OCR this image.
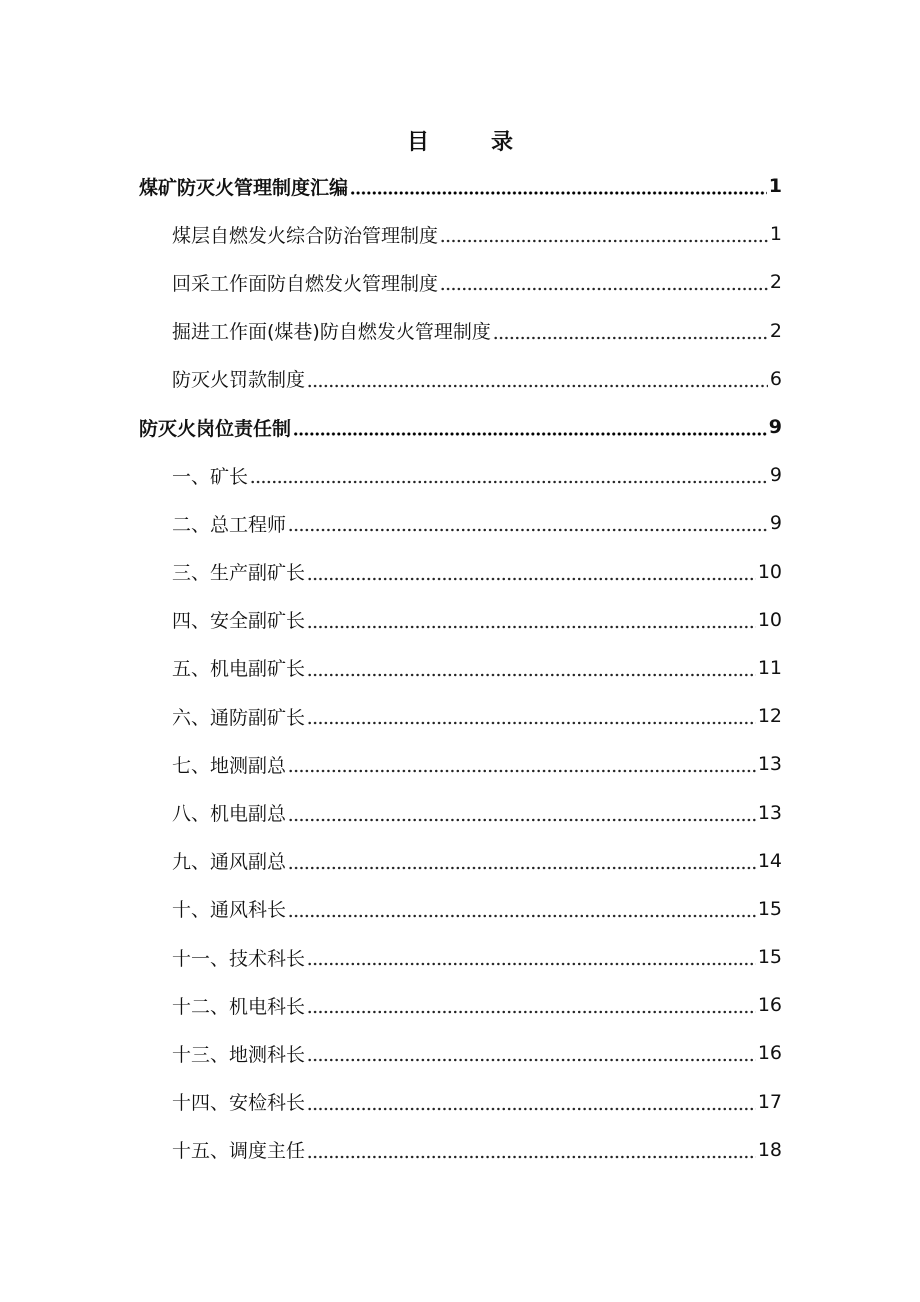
目	录
煤矿防灭火管理制度汇编	1
煤层自燃发火综合防治管理制度	1
回采工作面防自燃发火管理制度	2
掘进工作面(煤巷)防自燃发火管理制度	2
防灭火罚款制度	6
防灭火岗位责任制	9
一、矿长	9
二、总工程师	9
三、生产副矿长	10
四、安全副矿长	10
五、机电副矿长	11
六、通防副矿长	12
七、地测副总	13
八、机电副总	13
九、通风副总	14
十、通风科长	15
十一、技术科长	15
十二、机电科长	16
十三、地测科长	16
十四、安检科长	17
十五、调度主任	18
